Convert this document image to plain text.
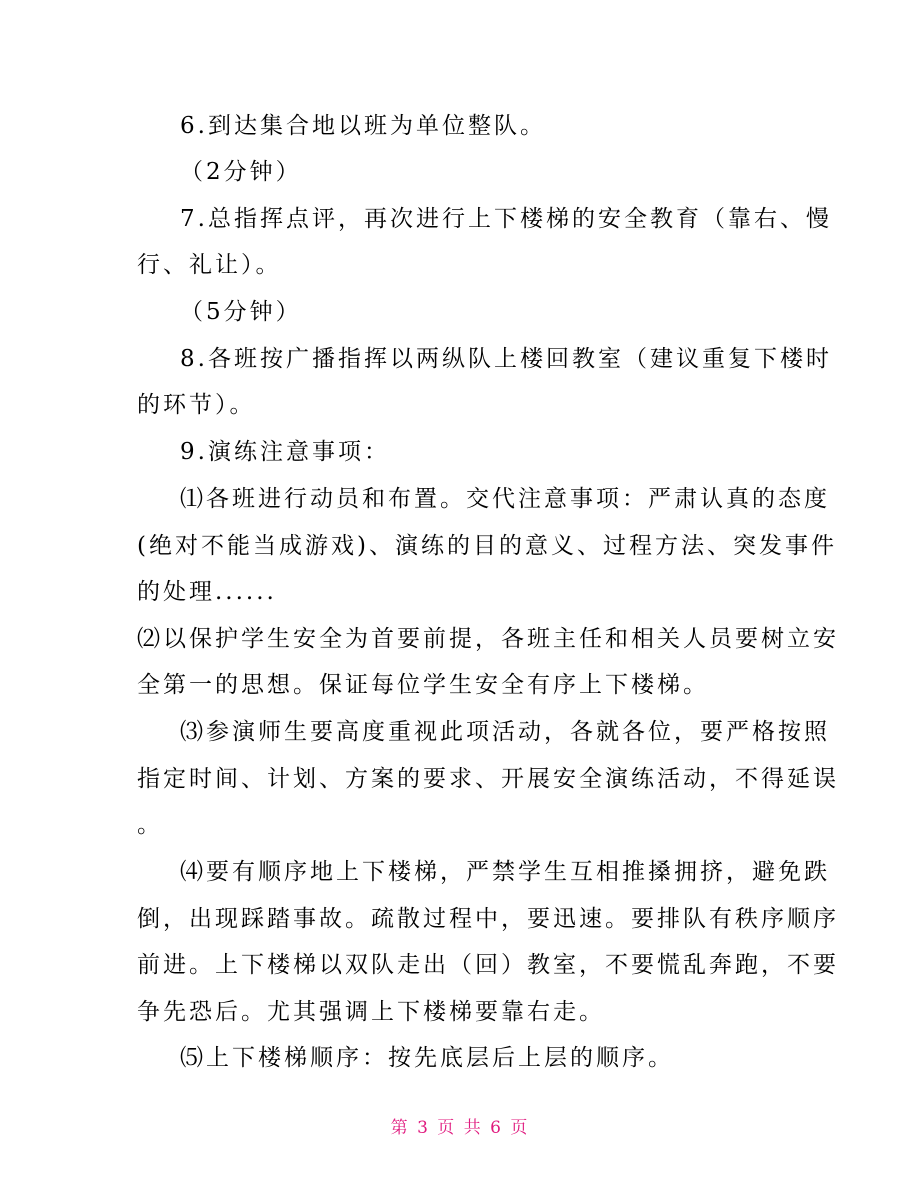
6.到达集合地以班为单位整队。

（2分钟）

7.总指挥点评，再次进行上下楼梯的安全教育（靠右、慢

行、礼让）。

（5分钟）

8.各班按广播指挥以两纵队上楼回教室（建议重复下楼时

的环节）。

9.演练注意事项：

⑴各班进行动员和布置。交代注意事项：严肃认真的态度

(绝对不能当成游戏)、演练的目的意义、过程方法、突发事件

的处理......

⑵以保护学生安全为首要前提，各班主任和相关人员要树立安

全第一的思想。保证每位学生安全有序上下楼梯。

⑶参演师生要高度重视此项活动，各就各位，要严格按照

指定时间、计划、方案的要求、开展安全演练活动，不得延误

。

⑷要有顺序地上下楼梯，严禁学生互相推搡拥挤，避免跌

倒，出现踩踏事故。疏散过程中，要迅速。要排队有秩序顺序

前进。上下楼梯以双队走出（回）教室，不要慌乱奔跑，不要

争先恐后。尤其强调上下楼梯要靠右走。

⑸上下楼梯顺序：按先底层后上层的顺序。

第 3 页 共 6 页
